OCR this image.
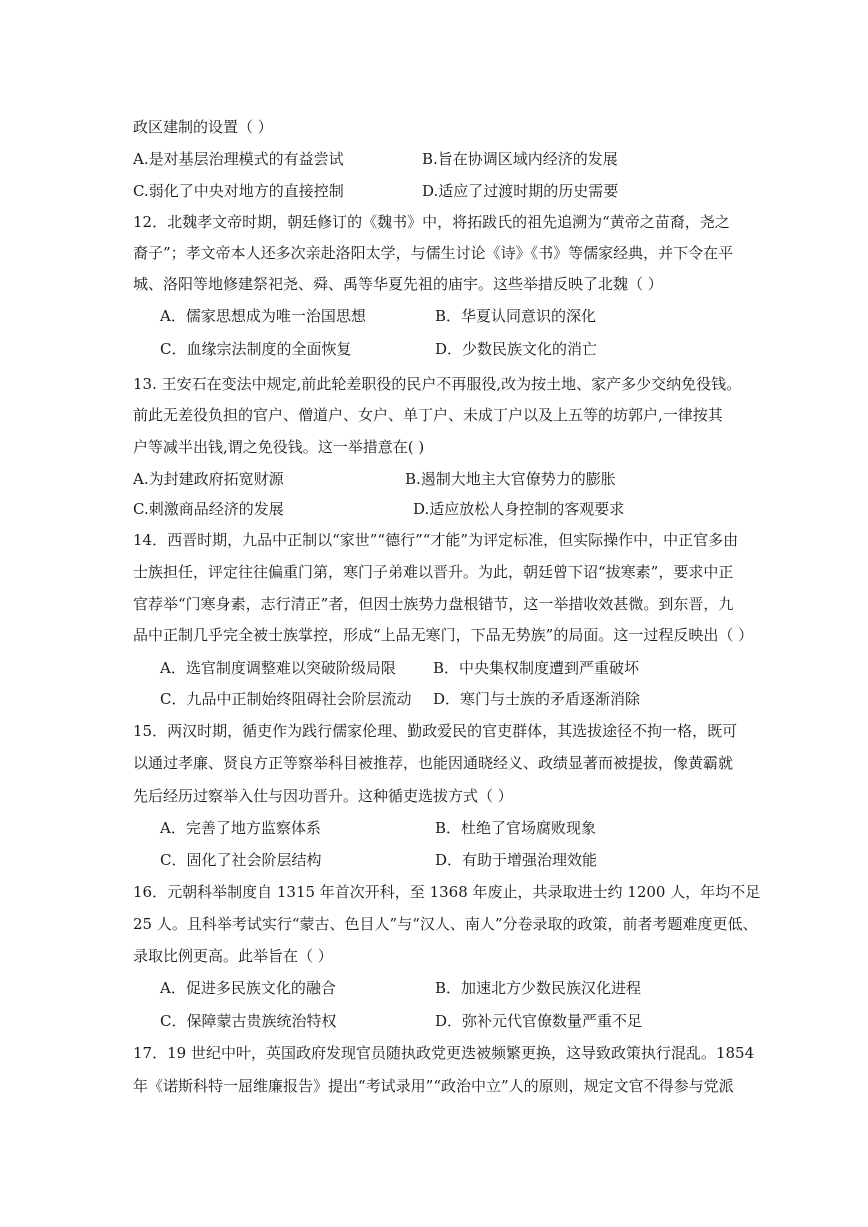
政区建制的设置（ ）
A.是对基层治理模式的有益尝试	B.旨在协调区域内经济的发展
C.弱化了中央对地方的直接控制	D.适应了过渡时期的历史需要
12．北魏孝文帝时期，朝廷修订的《魏书》中，将拓跋氏的祖先追溯为“黄帝之苗裔，尧之
裔子”；孝文帝本人还多次亲赴洛阳太学，与儒生讨论《诗》《书》等儒家经典，并下令在平
城、洛阳等地修建祭祀尧、舜、禹等华夏先祖的庙宇。这些举措反映了北魏（ ）
A．儒家思想成为唯一治国思想	B．华夏认同意识的深化
C．血缘宗法制度的全面恢复	D．少数民族文化的消亡
13. 王安石在变法中规定,前此轮差职役的民户不再服役,改为按土地、家产多少交纳免役钱。
前此无差役负担的官户、僧道户、女户、单丁户、未成丁户以及上五等的坊郭户,一律按其
户等减半出钱,谓之免役钱。这一举措意在( )
A.为封建政府拓宽财源	B.遏制大地主大官僚势力的膨胀
C.刺激商品经济的发展	D.适应放松人身控制的客观要求
14．西晋时期，九品中正制以“家世”“德行”“才能”为评定标准，但实际操作中，中正官多由
士族担任，评定往往偏重门第，寒门子弟难以晋升。为此，朝廷曾下诏“拔寒素”，要求中正
官荐举“门寒身素，志行清正”者，但因士族势力盘根错节，这一举措收效甚微。到东晋，九
品中正制几乎完全被士族掌控，形成“上品无寒门，下品无势族”的局面。这一过程反映出（ ）
A．选官制度调整难以突破阶级局限 B．中央集权制度遭到严重破坏
C．九品中正制始终阻碍社会阶层流动 D．寒门与士族的矛盾逐渐消除
15．两汉时期，循吏作为践行儒家伦理、勤政爱民的官吏群体，其选拔途径不拘一格，既可
以通过孝廉、贤良方正等察举科目被推荐，也能因通晓经义、政绩显著而被提拔，像黄霸就
先后经历过察举入仕与因功晋升。这种循吏选拔方式（ ）
A．完善了地方监察体系	B．杜绝了官场腐败现象
C．固化了社会阶层结构	D．有助于增强治理效能
16．元朝科举制度自 1315 年首次开科，至 1368 年废止，共录取进士约 1200 人，年均不足
25 人。且科举考试实行“蒙古、色目人”与“汉人、南人”分卷录取的政策，前者考题难度更低、
录取比例更高。此举旨在（ ）
A．促进多民族文化的融合	B．加速北方少数民族汉化进程
C．保障蒙古贵族统治特权	D．弥补元代官僚数量严重不足
17．19 世纪中叶，英国政府发现官员随执政党更迭被频繁更换，这导致政策执行混乱。1854
年《诺斯科特一屈维廉报告》提出“考试录用”“政治中立”人的原则，规定文官不得参与党派
